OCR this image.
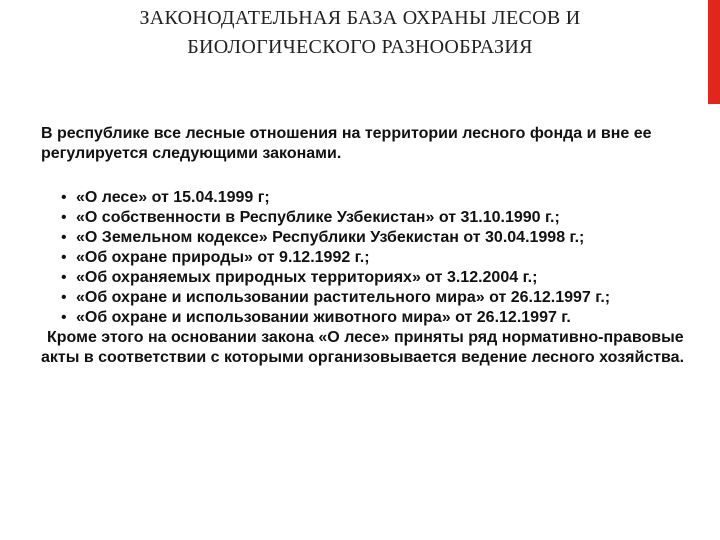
ЗАКОНОДАТЕЛЬНАЯ БАЗА ОХРАНЫ ЛЕСОВ И
БИОЛОГИЧЕСКОГО РАЗНООБРАЗИЯ

В республике все лесные отношения на территории лесного фонда и вне ее регулируется следующими законами.

• «О лесе» от 15.04.1999 г;
• «О собственности в Республике Узбекистан» от 31.10.1990 г.;
• «О Земельном кодексе» Республики Узбекистан от 30.04.1998 г.;
• «Об охране природы» от 9.12.1992 г.;
• «Об охраняемых природных территориях» от 3.12.2004 г.;
• «Об охране и использовании растительного мира» от 26.12.1997 г.;
• «Об охране и использовании животного мира» от 26.12.1997 г.

Кроме этого на основании закона «О лесе» приняты ряд нормативно-правовые акты в соответствии с которыми организовывается ведение лесного хозяйства.
